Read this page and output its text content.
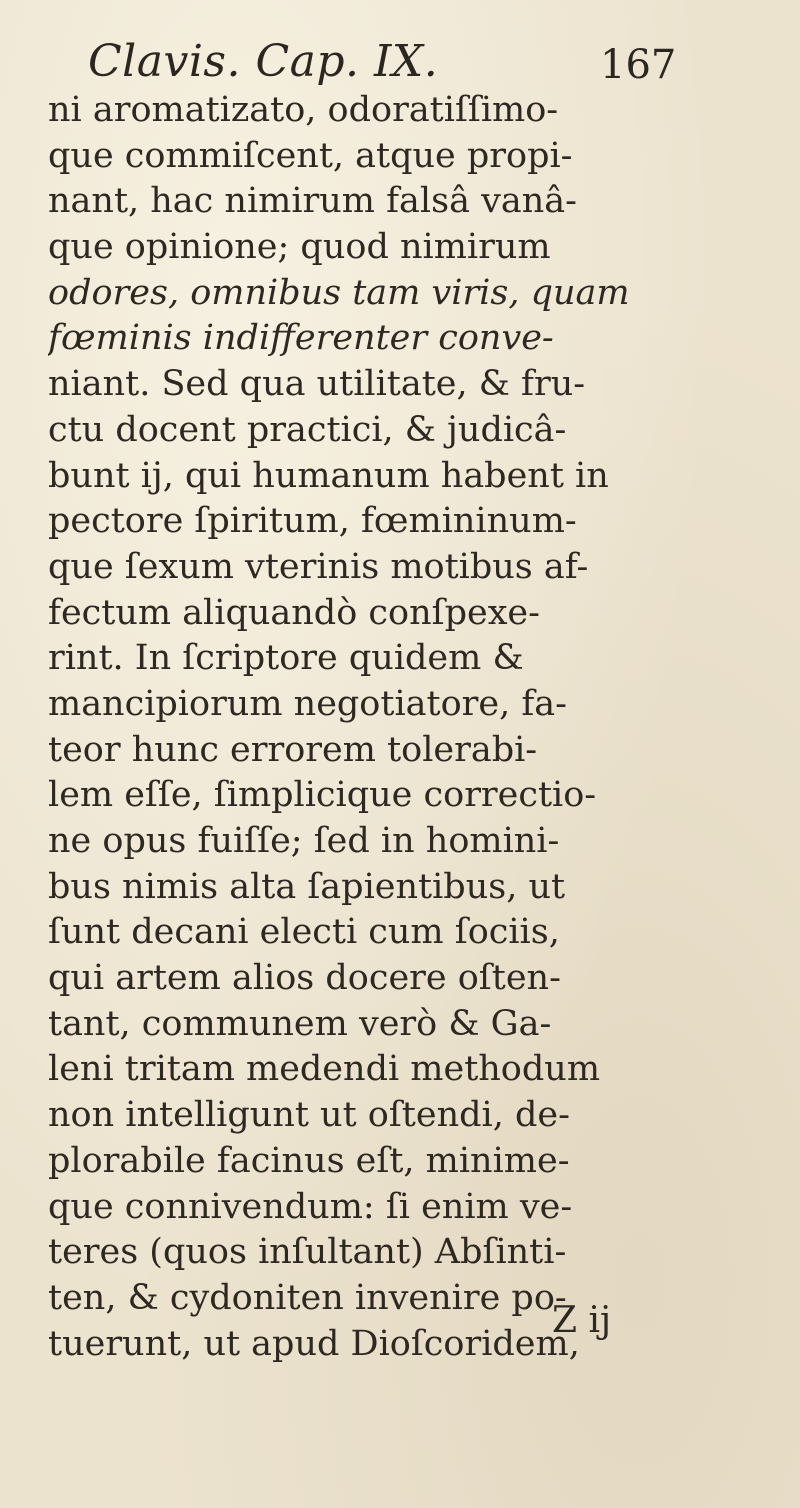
Clavis. Cap. IX.	167
ni aromatizato, odoratiſſimo-
que commiſcent, atque propi-
nant, hac nimirum falsâ vanâ-
que opinione; quod nimirum
odores, omnibus tam viris, quam
fœminis indifferenter conve-
niant. Sed qua utilitate, & fru-
ctu docent practici, & judicâ-
bunt ij, qui humanum habent in
pectore ſpiritum, fœmininum-
que ſexum vterinis motibus af-
fectum aliquandò conſpexe-
rint. In ſcriptore quidem &
mancipiorum negotiatore, fa-
teor hunc errorem tolerabi-
lem eſſe, ſimplicique correctio-
ne opus fuiſſe; ſed in homini-
bus nimis alta ſapientibus, ut
ſunt decani electi cum ſociis,
qui artem alios docere oſten-
tant, communem verò & Ga-
leni tritam medendi methodum
non intelligunt ut oſtendi, de-
plorabile facinus eſt, minime-
que connivendum: ſi enim ve-
teres (quos inſultant) Abſinti-
ten, & cydoniten invenire po-
tuerunt, ut apud Dioſcoridem,
Z ij
